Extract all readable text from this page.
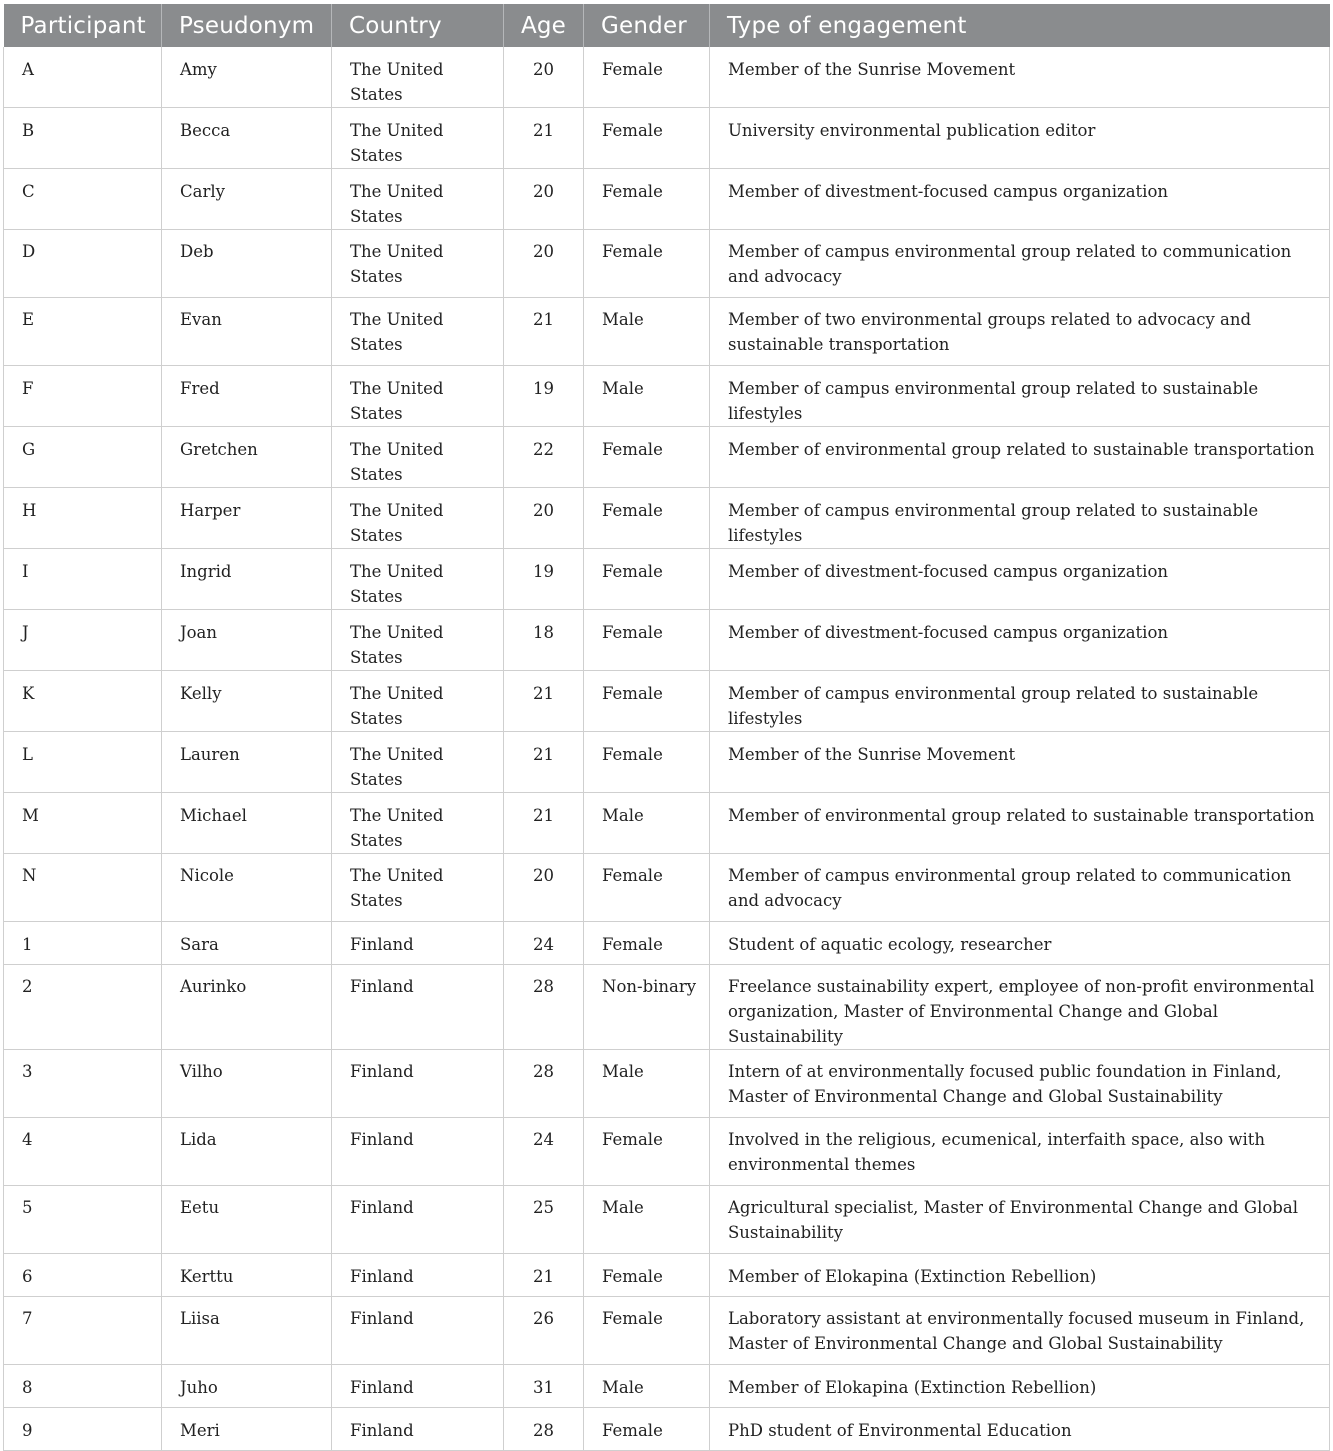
Participant	Pseudonym	Country	Age	Gender	Type of engagement
A	Amy	The United States	20	Female	Member of the Sunrise Movement
B	Becca	The United States	21	Female	University environmental publication editor
C	Carly	The United States	20	Female	Member of divestment-focused campus organization
D	Deb	The United States	20	Female	Member of campus environmental group related to communication and advocacy
E	Evan	The United States	21	Male	Member of two environmental groups related to advocacy and sustainable transportation
F	Fred	The United States	19	Male	Member of campus environmental group related to sustainable lifestyles
G	Gretchen	The United States	22	Female	Member of environmental group related to sustainable transportation
H	Harper	The United States	20	Female	Member of campus environmental group related to sustainable lifestyles
I	Ingrid	The United States	19	Female	Member of divestment-focused campus organization
J	Joan	The United States	18	Female	Member of divestment-focused campus organization
K	Kelly	The United States	21	Female	Member of campus environmental group related to sustainable lifestyles
L	Lauren	The United States	21	Female	Member of the Sunrise Movement
M	Michael	The United States	21	Male	Member of environmental group related to sustainable transportation
N	Nicole	The United States	20	Female	Member of campus environmental group related to communication and advocacy
1	Sara	Finland	24	Female	Student of aquatic ecology, researcher
2	Aurinko	Finland	28	Non-binary	Freelance sustainability expert, employee of non-profit environmental organization, Master of Environmental Change and Global Sustainability
3	Vilho	Finland	28	Male	Intern of at environmentally focused public foundation in Finland, Master of Environmental Change and Global Sustainability
4	Lida	Finland	24	Female	Involved in the religious, ecumenical, interfaith space, also with environmental themes
5	Eetu	Finland	25	Male	Agricultural specialist, Master of Environmental Change and Global Sustainability
6	Kerttu	Finland	21	Female	Member of Elokapina (Extinction Rebellion)
7	Liisa	Finland	26	Female	Laboratory assistant at environmentally focused museum in Finland, Master of Environmental Change and Global Sustainability
8	Juho	Finland	31	Male	Member of Elokapina (Extinction Rebellion)
9	Meri	Finland	28	Female	PhD student of Environmental Education
